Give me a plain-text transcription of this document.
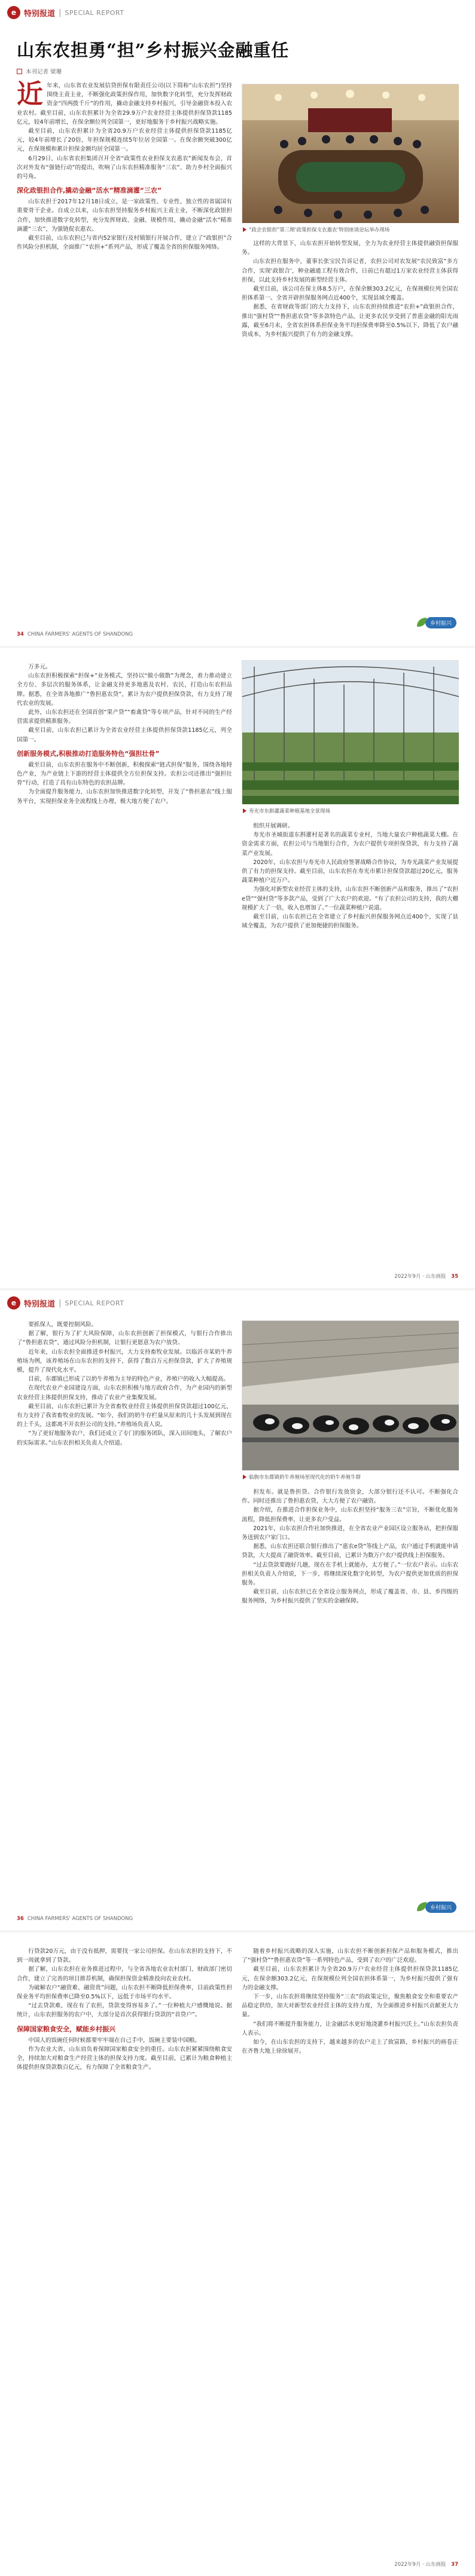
e 特别报道 | SPECIAL REPORT
山东农担勇“担”乡村振兴金融重任
本刊记者 梁珊

近年来，山东省农业发展信贷担保有限责任公司(以下简称“山东农担”)坚持围绕主责主业，不断强化政策担保作用，加快数字化转型，充分发挥财政资金“四两拨千斤”的作用，撬动金融支持乡村振兴，引导金融资本投入农业农村。截至目前，山东农担累计为全省29.9万户农业经营主体提供担保贷款1185亿元，较4年前增长，在保余额位列全国第一，更好地服务于乡村振兴战略实施。

截至目前，山东农担累计为全省20.9万户农业经营主体提供担保贷款1185亿元，较4年前增长了20倍，年担保规模连续5年位居全国第一。在保余额突破300亿元，在保规模和累计担保金额均居全国第一。

6月29日，山东省农担集团召开全省“政策性农业担保支农惠农”新闻发布会，首次对外发布“强链行动”的提出，吹响了山东农担精准服务“三农”、助力乡村全面振兴的号角。

深化政银担合作,撬动金融“活水”精准滴灌“三农”

山东农担于2017年12月18日成立，是一家政策性、专业性、独立性的省属国有重要骨干企业。自成立以来，山东农担坚持服务乡村振兴主责主业，不断深化政银担合作，加快推进数字化转型，充分发挥财政、金融、规模作用，撬动金融“活水”精准滴灌“三农”，为强链促农惠农。

截至目前，山东农担已与省内52家银行及村镇银行开展合作，建立了“政银担”合作风险分担机制，全面推广“农担+”系列产品，形成了覆盖全省的担保服务网络。

“政企农银担”第三期‘政策担保支农惠农’特别座谈论坛举办现场

这样的大背景下，山东农担开始转型发展，全力为农业经营主体提供融资担保服务。

山东农担在服务中，董事长张宝民告诉记者，农担公司对农发展“农民致富”多方合作，实现‘政银合’，种业融通工程有效合作，日前已有超过1万家农业经营主体获得担保，以此支持乡村发展的新型经营主体。

截至目前，该公司在保主体8.5万户，在保余额303.2亿元，在保规模位列全国农担体系第一。全省开辟担保服务网点近400个，实现县域全覆盖。

据悉，在省财政等部门的大力支持下，山东农担持续推进“农担+”政银担合作，推出“强村贷”“鲁担惠农贷”等多款特色产品，让更多农民享受到了普惠金融的阳光雨露，截至6月末，全省农担体系担保业务平均担保费率降至0.5%以下，降低了农户融资成本，为乡村振兴提供了有力的金融支撑。

34 CHINA FARMERS' AGENTS OF SHANDONG
乡村振兴
寿光市东斟灌蔬菜种植基地全景现场

万多元。

山东农担积极探索“担保+”业务模式，坚持以“做小做散”为理念，着力推动建立全方位、多层次的服务体系，让金融支持更多地惠及农村、农民，打造山东农担品牌。据悉，在全省各地推广“鲁担惠农贷”，累计为农户提供担保贷款，有力支持了现代农业的发展。

此外，山东农担还在全国首创“果产贷”“畜禽贷”等专项产品，针对不同的生产经营需求提供精准服务。

截至目前，山东农担已累计为全省农业经营主体提供担保贷款1185亿元，列全国第一。

创新服务模式,积极推动打造服务特色“强担壮骨”

截至目前，山东农担在服务中不断创新，积极探索“链式担保”服务，围绕各地特色产业，为产业链上下游的经营主体提供全方位担保支持。农担公司还推出“强担壮骨”行动，打造了具有山东特色的农担品牌。

为全面提升服务能力，山东农担加快推进数字化转型，开发了“鲁担惠农”线上服务平台，实现担保业务全流程线上办理，极大地方便了农户。

组织开展调研。

寿光市圣城街道东斟灌村是著名的蔬菜专业村，当地大量农户种植蔬菜大棚。在资金需求方面，农担公司与当地银行合作，为农户提供专项担保贷款，有力支持了蔬菜产业发展。

2020年，山东农担与寿光市人民政府签署战略合作协议，为寿光蔬菜产业发展提供了有力的担保支持。截至目前，山东农担在寿光市累计担保贷款超过20亿元，服务蔬菜种植户近万户。

为强化对新型农业经营主体的支持，山东农担不断创新产品和服务，推出了“农担e贷”“强村贷”等多款产品，受到了广大农户的欢迎。“有了农担公司的支持，我的大棚规模扩大了一倍，收入也增加了。”一位蔬菜种植户说道。

截至目前，山东农担已在全省建立了乡村振兴担保服务网点近400个，实现了县域全覆盖，为农户提供了更加便捷的担保服务。

2022年9月 · 山东画报 35
e 特别报道 | SPECIAL REPORT

要抓保人，既要控制风险。

据了解，银行为了扩大风险保障，山东农担创新了担保模式，与银行合作推出了“鲁担惠农贷”，通过风险分担机制，让银行更愿意为农户放贷。

近年来，山东农担全面推进乡村振兴，大力支持畜牧业发展。以临沂市某奶牛养殖场为例，该养殖场在山东农担的支持下，获得了数百万元担保贷款，扩大了养殖规模，提升了现代化水平。

目前，东郡镇已形成了以奶牛养殖为主导的特色产业，养殖户的收入大幅提高。

在现代农业产业园建设方面，山东农担积极与地方政府合作，为产业园内的新型农业经营主体提供担保支持，推动了农业产业集聚发展。

截至目前，山东农担已累计为全省畜牧业经营主体提供担保贷款超过100亿元，有力支持了我省畜牧业的发展。“如今，我们的奶牛存栏量从原来的几十头发展到现在的上千头，这都离不开农担公司的支持。”养殖场负责人说。

“为了更好地服务农户，我们还成立了专门的服务团队，深入田间地头，了解农户的实际需求。”山东农担相关负责人介绍道。

临朐市东郡镇奶牛养殖场里现代化的奶牛养殖牛群

担发布。就是鲁担贷。合作银行发放资金，大部分银行还不认可。不断强化合作。同时还推出了鲁担惠农贷，大大方便了农户融资。

据介绍，在推进合作担保业务中，山东农担坚持“服务三农”宗旨，不断优化服务流程，降低担保费率，让更多农户受益。

2021年，山东农担合作社加快推进，在全省农业产业园区设立服务站，把担保服务送到农户家门口。

据悉，山东农担还联合银行推出了“惠农e贷”等线上产品，农户通过手机就能申请贷款，大大提高了融资效率。截至目前，已累计为数万户农户提供线上担保服务。

“过去贷款要跑好几趟，现在在手机上就能办，太方便了。”一位农户表示。山东农担相关负责人介绍说，下一步，将继续深化数字化转型，为农户提供更加优质的担保服务。

截至目前，山东农担已在全省设立服务网点，形成了覆盖省、市、县、乡四级的服务网络，为乡村振兴提供了坚实的金融保障。

36 CHINA FARMERS' AGENTS OF SHANDONG
乡村振兴

行贷款20万元，由于没有抵押，需要找一家公司担保。在山东农担的支持下，不到一周就拿到了贷款。

据了解，山东农担在业务推进过程中，与全省各地农业农村部门、财政部门密切合作，建立了完善的项目推荐机制，确保担保资金精准投向农业农村。

为破解农户“融资难、融资贵”问题，山东农担不断降低担保费率，目前政策性担保业务平均担保费率已降至0.5%以下，远低于市场平均水平。

“过去贷款难，现在有了农担，贷款变得容易多了。”一位种植大户感慨地说。据统计，山东农担服务的农户中，大部分是首次获得银行贷款的“首贷户”。

保障国家粮食安全，赋能乡村振兴

中国人的饭碗任何时候都要牢牢端在自己手中，饭碗主要装中国粮。

作为农业大省，山东肩负着保障国家粮食安全的重任。山东农担紧紧围绕粮食安全，持续加大对粮食生产经营主体的担保支持力度。截至目前，已累计为粮食种植主体提供担保贷款数百亿元，有力保障了全省粮食生产。

随着乡村振兴战略的深入实施，山东农担不断创新担保产品和服务模式，推出了“强村贷”“鲁担惠农贷”等一系列特色产品，受到了农户的广泛欢迎。

截至目前，山东农担累计为全省20.9万户农业经营主体提供担保贷款1185亿元，在保余额303.2亿元，在保规模位列全国农担体系第一，为乡村振兴提供了强有力的金融支撑。

下一步，山东农担将继续坚持服务“三农”的政策定位，聚焦粮食安全和重要农产品稳定供给，加大对新型农业经营主体的支持力度，为全面推进乡村振兴贡献更大力量。

“我们将不断提升服务能力，让金融活水更好地浇灌乡村振兴沃土。”山东农担负责人表示。

如今，在山东农担的支持下，越来越多的农户走上了致富路，乡村振兴的画卷正在齐鲁大地上徐徐展开。

2022年9月 · 山东画报 37
